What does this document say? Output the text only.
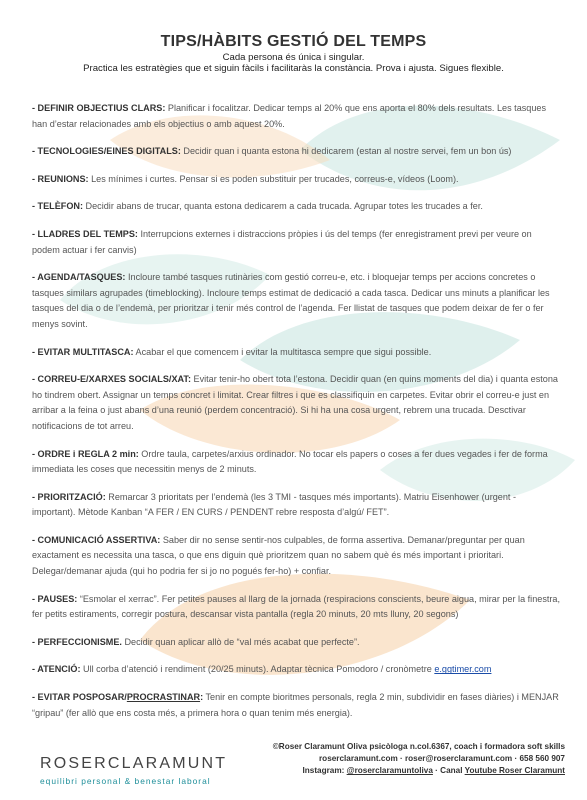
TIPS/HÀBITS GESTIÓ DEL TEMPS
Cada persona és única i singular.
Practica les estratègies que et siguin fàcils i facilitaràs la constància. Prova i ajusta. Sigues flexible.

- DEFINIR OBJECTIUS CLARS: Planificar i focalitzar. Dedicar temps al 20% que ens aporta el 80% dels resultats. Les tasques han d’estar relacionades amb els objectius o amb aquest 20%.

- TECNOLOGIES/EINES DIGITALS: Decidir quan i quanta estona hi dedicarem (estan al nostre servei, fem un bon ús)

- REUNIONS: Les mínimes i curtes. Pensar si es poden substituir per trucades, correus-e, vídeos (Loom).

- TELÈFON: Decidir abans de trucar, quanta estona dedicarem a cada trucada. Agrupar totes les trucades a fer.

- LLADRES DEL TEMPS: Interrupcions externes i distraccions pròpies i ús del temps (fer enregistrament previ per veure on podem actuar i fer canvis)

- AGENDA/TASQUES: Incloure també tasques rutinàries com gestió correu-e, etc. i bloquejar temps per accions concretes o tasques similars agrupades (timeblocking). Incloure temps estimat de dedicació a cada tasca. Dedicar uns minuts a planificar les tasques del dia o de l’endemà, per prioritzar i tenir més control de l’agenda. Fer llistat de tasques que podem deixar de fer o fer menys sovint.

- EVITAR MULTITASCA: Acabar el que comencem i evitar la multitasca sempre que sigui possible.

- CORREU-E/XARXES SOCIALS/XAT: Evitar tenir-ho obert tota l’estona. Decidir quan (en quins moments del dia) i quanta estona ho tindrem obert. Assignar un temps concret i limitat. Crear filtres i que es classifiquin en carpetes. Evitar obrir el correu-e just en arribar a la feina o just abans d’una reunió (perdem concentració). Si hi ha una cosa urgent, rebrem una trucada. Desctivar notificacions de tot arreu.

- ORDRE i REGLA 2 min: Ordre taula, carpetes/arxius ordinador. No tocar els papers o coses a fer dues vegades i fer de forma immediata les coses que necessitin menys de 2 minuts.

- PRIORITZACIÓ: Remarcar 3 prioritats per l’endemà (les 3 TMI - tasques més importants). Matriu Eisenhower (urgent - important). Mètode Kanban “A FER / EN CURS / PENDENT rebre resposta d’algú/ FET”.

- COMUNICACIÓ ASSERTIVA: Saber dir no sense sentir-nos culpables, de forma assertiva. Demanar/preguntar per quan exactament es necessita una tasca, o que ens diguin què prioritzem quan no sabem què és més important i prioritari. Delegar/demanar ajuda (qui ho podria fer si jo no pogués fer-ho) + confiar.

- PAUSES: “Esmolar el xerrac”. Fer petites pauses al llarg de la jornada (respiracions conscients, beure aigua, mirar per la finestra, fer petits estiraments, corregir postura, descansar vista pantalla (regla 20 minuts, 20 mts lluny, 20 segons)

- PERFECCIONISME. Decidir quan aplicar allò de “val més acabat que perfecte”.

- ATENCIÓ: Ull corba d’atenció i rendiment (20/25 minuts). Adaptar tècnica Pomodoro / cronòmetre e.ggtimer.com

- EVITAR POSPOSAR/PROCRASTINAR: Tenir en compte bioritmes personals, regla 2 min, subdividir en fases diàries) i MENJAR “gripau” (fer allò que ens costa més, a primera hora o quan tenim més energia).

ROSERCLARAMUNT
equilibri personal & benestar laboral
©Roser Claramunt Oliva psicòloga n.col.6367, coach i formadora soft skills
roserclaramunt.com · roser@roserclaramunt.com · 658 560 907
Instagram: @roserclaramuntoliva · Canal Youtube Roser Claramunt
